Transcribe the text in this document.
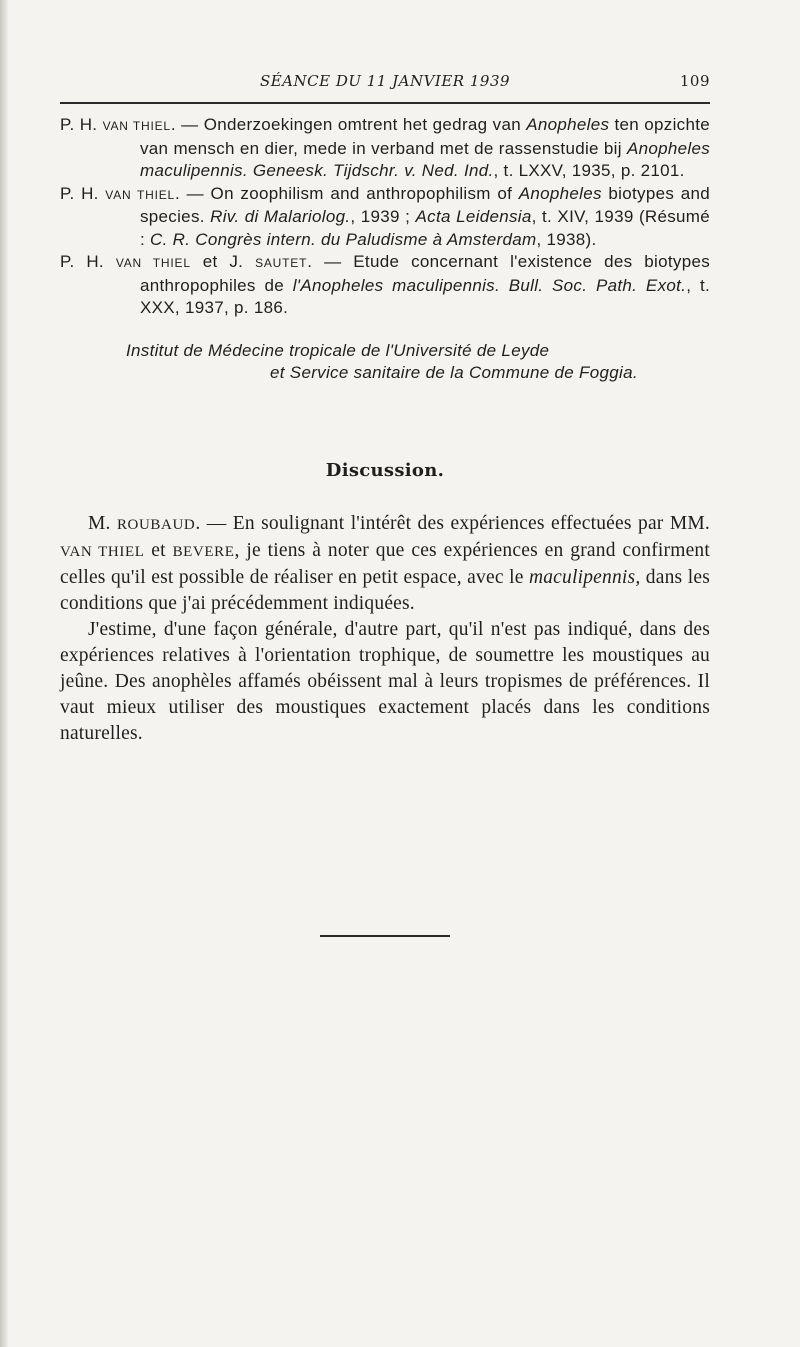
SÉANCE DU 11 JANVIER 1939	109

P. H. VAN THIEL. — Onderzoekingen omtrent het gedrag van Anopheles ten opzichte van mensch en dier, mede in verband met de rassenstudie bij Anopheles maculipennis. Geneesk. Tijdschr. v. Ned. Ind., t. LXXV, 1935, p. 2101.

P. H. VAN THIEL. — On zoophilism and anthropophilism of Anopheles biotypes and species. Riv. di Malariolog., 1939 ; Acta Leidensia, t. XIV, 1939 (Résumé : C. R. Congrès intern. du Paludisme à Amsterdam, 1938).

P. H. VAN THIEL et J. SAUTET. — Etude concernant l'existence des biotypes anthropophiles de l'Anopheles maculipennis. Bull. Soc. Path. Exot., t. XXX, 1937, p. 186.

Institut de Médecine tropicale de l'Université de Leyde
et Service sanitaire de la Commune de Foggia.
Discussion.

M. ROUBAUD. — En soulignant l'intérêt des expériences effectuées par MM. VAN THIEL et BEVERE, je tiens à noter que ces expériences en grand confirment celles qu'il est possible de réaliser en petit espace, avec le maculipennis, dans les conditions que j'ai précédemment indiquées.

J'estime, d'une façon générale, d'autre part, qu'il n'est pas indiqué, dans des expériences relatives à l'orientation trophique, de soumettre les moustiques au jeûne. Des anophèles affamés obéissent mal à leurs tropismes de préférences. Il vaut mieux utiliser des moustiques exactement placés dans les conditions naturelles.
